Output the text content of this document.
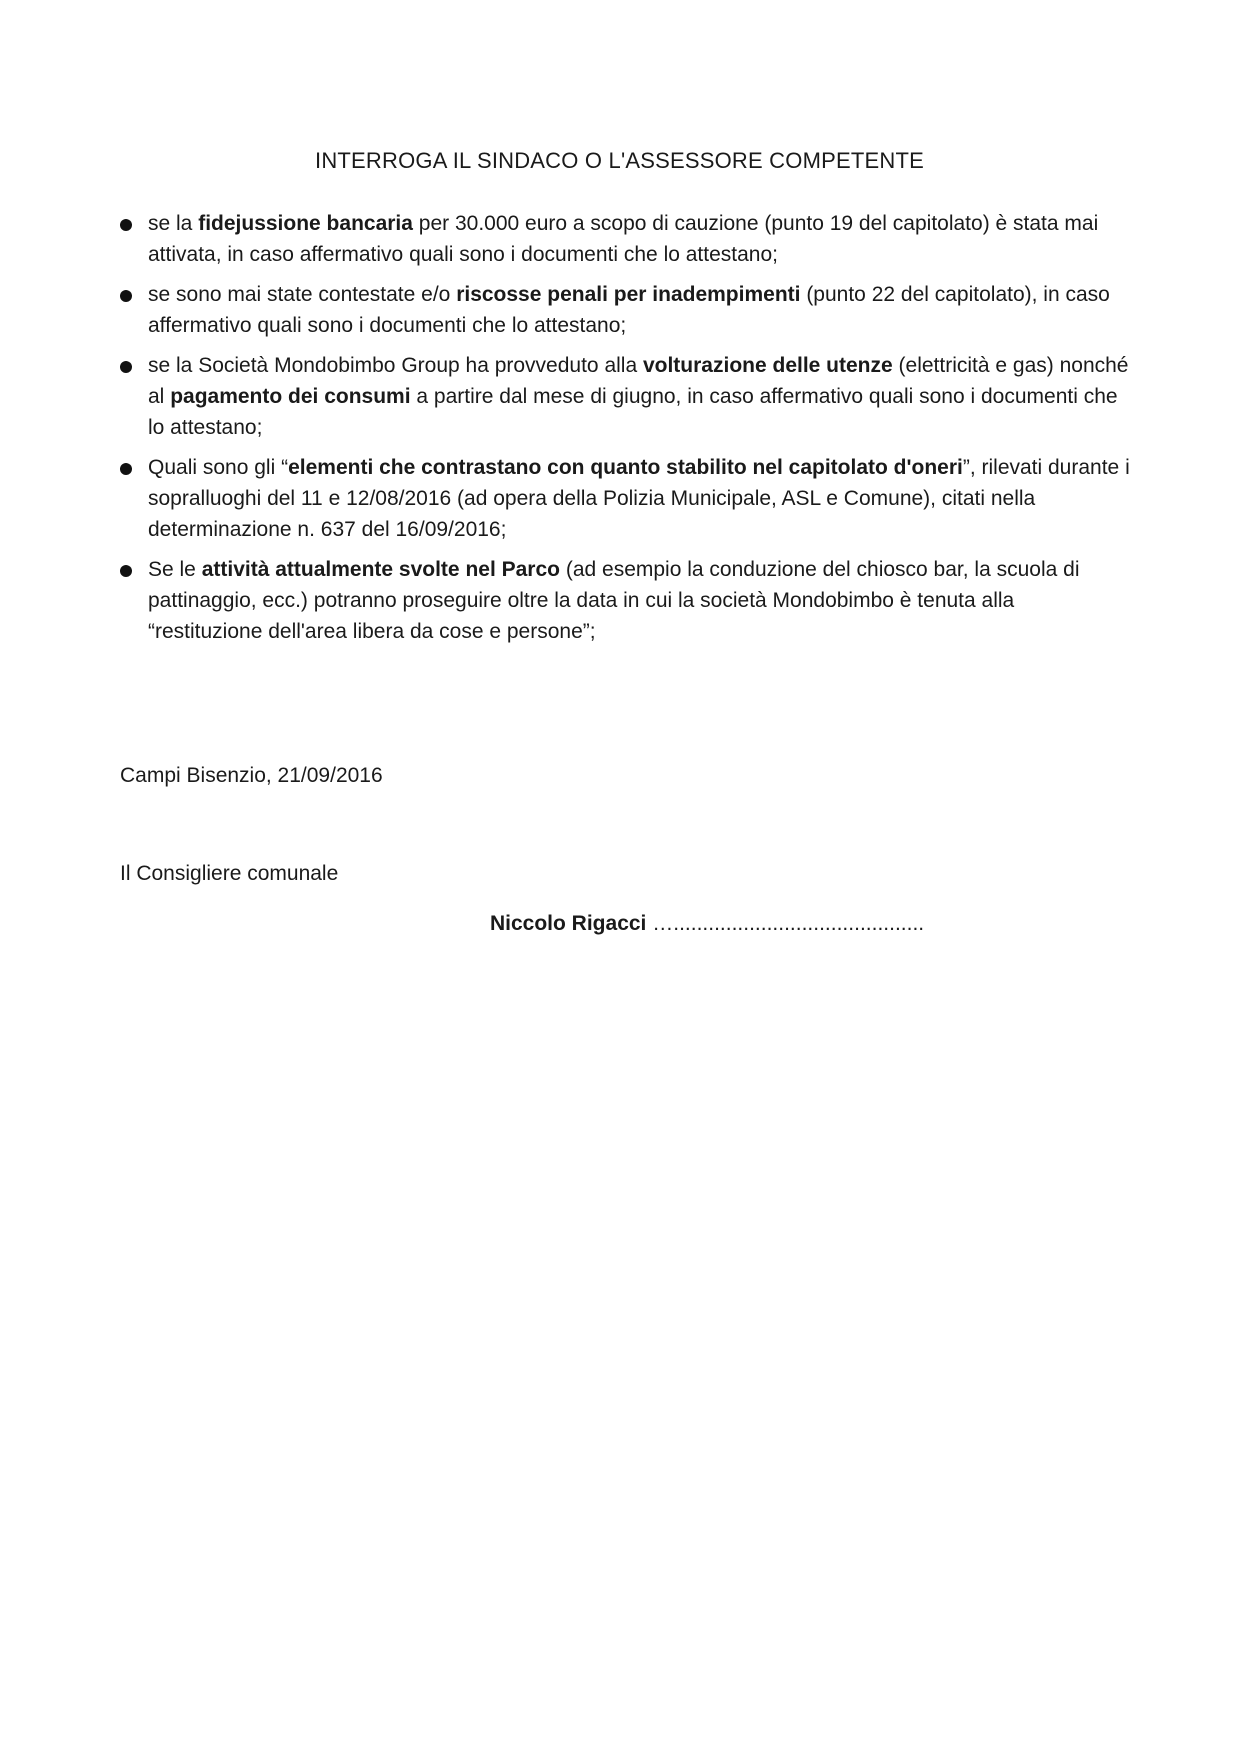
INTERROGA IL SINDACO O L'ASSESSORE COMPETENTE
se la fidejussione bancaria per 30.000 euro a scopo di cauzione (punto 19 del capitolato) è stata mai attivata, in caso affermativo quali sono i documenti che lo attestano;
se sono mai state contestate e/o riscosse penali per inadempimenti (punto 22 del capitolato), in caso affermativo quali sono i documenti che lo attestano;
se la Società Mondobimbo Group ha provveduto alla volturazione delle utenze (elettricità e gas) nonché al pagamento dei consumi a partire dal mese di giugno, in caso affermativo quali sono i documenti che lo attestano;
Quali sono gli “elementi che contrastano con quanto stabilito nel capitolato d'oneri”, rilevati durante i sopralluoghi del 11 e 12/08/2016 (ad opera della Polizia Municipale, ASL e Comune), citati nella determinazione n. 637 del 16/09/2016;
Se le attività attualmente svolte nel Parco (ad esempio la conduzione del chiosco bar, la scuola di pattinaggio, ecc.) potranno proseguire oltre la data in cui la società Mondobimbo è tenuta alla “restituzione dell'area libera da cose e persone”;

Campi Bisenzio, 21/09/2016

Il Consigliere comunale

Niccolo Rigacci …...........................................
